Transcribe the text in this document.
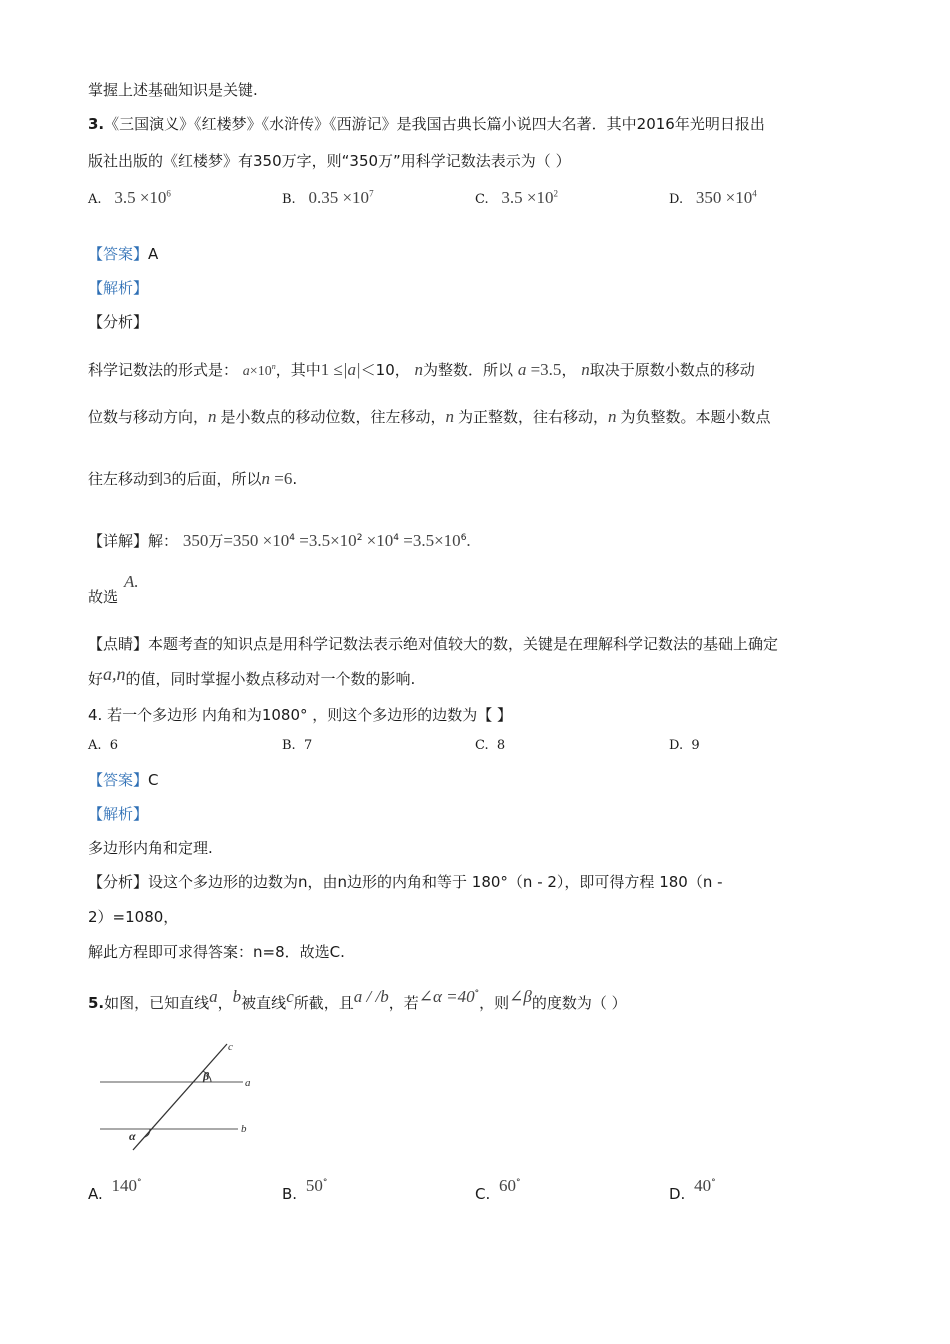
掌握上述基础知识是关键.
3.《三国演义》《红楼梦》《水浒传》《西游记》是我国古典长篇小说四大名著．其中2016年光明日报出
版社出版的《红楼梦》有350万字，则“350万”用科学记数法表示为（ ）
A. $3.5 \times 10^6$	B. $0.35 \times 10^7$	C. $3.5 \times 10^2$	D. $350 \times 10^4$
【答案】A
【解析】
【分析】
科学记数法的形式是： $a\times 10^n$，其中1 ≤|a|＜10， n为整数．所以 a =3.5， n取决于原数小数点的移动
位数与移动方向，n 是小数点的移动位数，往左移动，n 为正整数，往右移动，n 为负整数。本题小数点
往左移动到3的后面，所以n =6.
【详解】解： 350万$=350 \times 10^4 =3.5\times 10^2 \times 10^4 =3.5\times 10^6$.
故选
A.
【点睛】本题考查的知识点是用科学记数法表示绝对值较大的数，关键是在理解科学记数法的基础上确定
好a,n的值，同时掌握小数点移动对一个数的影响.
4. 若一个多边形 内角和为1080° ，则这个多边形的边数为【 】
A. 6	B. 7	C. 8	D. 9
【答案】C
【解析】
多边形内角和定理.
【分析】设这个多边形的边数为n，由n边形的内角和等于 180°（n - 2），即可得方程 180（n -
2）=1080，
解此方程即可求得答案：n=8．故选C.
5.如图，已知直线a，b被直线c所截，且a / /b，若∠α =40°，则∠β的度数为（ ）
c
β	a
α	b
A. 140°
B. 50°
C. 60°
D. 40°
